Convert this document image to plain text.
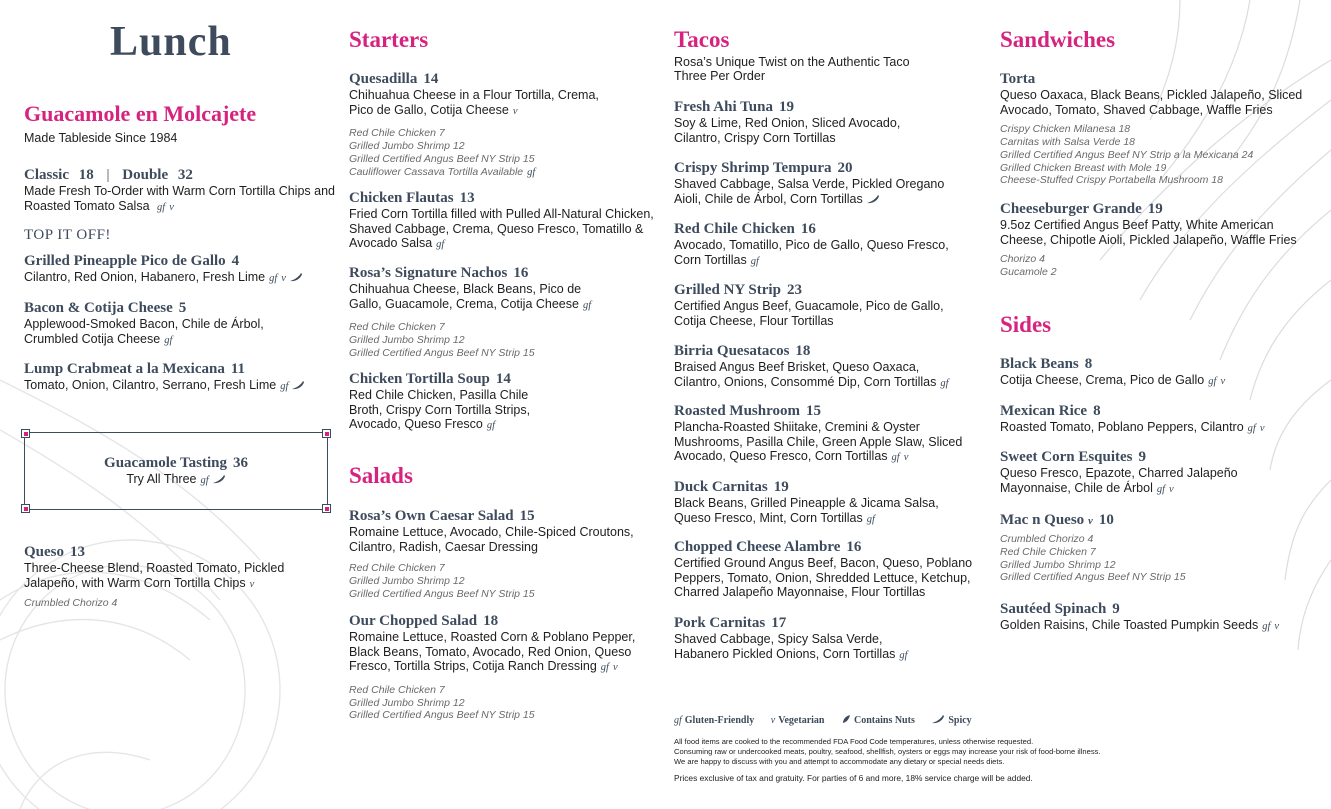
Lunch
Guacamole en Molcajete
Made Tableside Since 1984
Classic 18 | Double 32
Made Fresh To-Order with Warm Corn Tortilla Chips and Roasted Tomato Salsa gf v
TOP IT OFF!
Grilled Pineapple Pico de Gallo 4
Cilantro, Red Onion, Habanero, Fresh Lime gf v
Bacon & Cotija Cheese 5
Applewood-Smoked Bacon, Chile de Árbol, Crumbled Cotija Cheese gf
Lump Crabmeat a la Mexicana 11
Tomato, Onion, Cilantro, Serrano, Fresh Lime gf
Guacamole Tasting 36
Try All Three gf
Queso 13
Three-Cheese Blend, Roasted Tomato, Pickled Jalapeño, with Warm Corn Tortilla Chips v
Crumbled Chorizo 4
Starters
Quesadilla 14
Chihuahua Cheese in a Flour Tortilla, Crema, Pico de Gallo, Cotija Cheese v
Red Chile Chicken 7
Grilled Jumbo Shrimp 12
Grilled Certified Angus Beef NY Strip 15
Cauliflower Cassava Tortilla Available gf
Chicken Flautas 13
Fried Corn Tortilla filled with Pulled All-Natural Chicken, Shaved Cabbage, Crema, Queso Fresco, Tomatillo & Avocado Salsa gf
Rosa’s Signature Nachos 16
Chihuahua Cheese, Black Beans, Pico de Gallo, Guacamole, Crema, Cotija Cheese gf
Red Chile Chicken 7
Grilled Jumbo Shrimp 12
Grilled Certified Angus Beef NY Strip 15
Chicken Tortilla Soup 14
Red Chile Chicken, Pasilla Chile Broth, Crispy Corn Tortilla Strips, Avocado, Queso Fresco gf
Salads
Rosa’s Own Caesar Salad 15
Romaine Lettuce, Avocado, Chile-Spiced Croutons, Cilantro, Radish, Caesar Dressing
Red Chile Chicken 7
Grilled Jumbo Shrimp 12
Grilled Certified Angus Beef NY Strip 15
Our Chopped Salad 18
Romaine Lettuce, Roasted Corn & Poblano Pepper, Black Beans, Tomato, Avocado, Red Onion, Queso Fresco, Tortilla Strips, Cotija Ranch Dressing gf v
Red Chile Chicken 7
Grilled Jumbo Shrimp 12
Grilled Certified Angus Beef NY Strip 15
Tacos
Rosa’s Unique Twist on the Authentic Taco
Three Per Order
Fresh Ahi Tuna 19
Soy & Lime, Red Onion, Sliced Avocado, Cilantro, Crispy Corn Tortillas
Crispy Shrimp Tempura 20
Shaved Cabbage, Salsa Verde, Pickled Oregano Aioli, Chile de Árbol, Corn Tortillas
Red Chile Chicken 16
Avocado, Tomatillo, Pico de Gallo, Queso Fresco, Corn Tortillas gf
Grilled NY Strip 23
Certified Angus Beef, Guacamole, Pico de Gallo, Cotija Cheese, Flour Tortillas
Birria Quesatacos 18
Braised Angus Beef Brisket, Queso Oaxaca, Cilantro, Onions, Consommé Dip, Corn Tortillas gf
Roasted Mushroom 15
Plancha-Roasted Shiitake, Cremini & Oyster Mushrooms, Pasilla Chile, Green Apple Slaw, Sliced Avocado, Queso Fresco, Corn Tortillas gf v
Duck Carnitas 19
Black Beans, Grilled Pineapple & Jicama Salsa, Queso Fresco, Mint, Corn Tortillas gf
Chopped Cheese Alambre 16
Certified Ground Angus Beef, Bacon, Queso, Poblano Peppers, Tomato, Onion, Shredded Lettuce, Ketchup, Charred Jalapeño Mayonnaise, Flour Tortillas
Pork Carnitas 17
Shaved Cabbage, Spicy Salsa Verde, Habanero Pickled Onions, Corn Tortillas gf
gf Gluten-Friendly v Vegetarian	Contains Nuts	Spicy
All food items are cooked to the recommended FDA Food Code temperatures, unless otherwise requested.
Consuming raw or undercooked meats, poultry, seafood, shellfish, oysters or eggs may increase your risk of food-borne illness.
We are happy to discuss with you and attempt to accommodate any dietary or special needs diets.
Prices exclusive of tax and gratuity. For parties of 6 and more, 18% service charge will be added.
Sandwiches
Torta
Queso Oaxaca, Black Beans, Pickled Jalapeño, Sliced Avocado, Tomato, Shaved Cabbage, Waffle Fries
Crispy Chicken Milanesa 18
Carnitas with Salsa Verde 18
Grilled Certified Angus Beef NY Strip a la Mexicana 24
Grilled Chicken Breast with Mole 19
Cheese-Stuffed Crispy Portabella Mushroom 18
Cheeseburger Grande 19
9.5oz Certified Angus Beef Patty, White American Cheese, Chipotle Aioli, Pickled Jalapeño, Waffle Fries
Chorizo 4
Gucamole 2
Sides
Black Beans 8
Cotija Cheese, Crema, Pico de Gallo gf v
Mexican Rice 8
Roasted Tomato, Poblano Peppers, Cilantro gf v
Sweet Corn Esquites 9
Queso Fresco, Epazote, Charred Jalapeño Mayonnaise, Chile de Árbol gf v
Mac n Queso v 10
Crumbled Chorizo 4
Red Chile Chicken 7
Grilled Jumbo Shrimp 12
Grilled Certified Angus Beef NY Strip 15
Sautéed Spinach 9
Golden Raisins, Chile Toasted Pumpkin Seeds gf v
